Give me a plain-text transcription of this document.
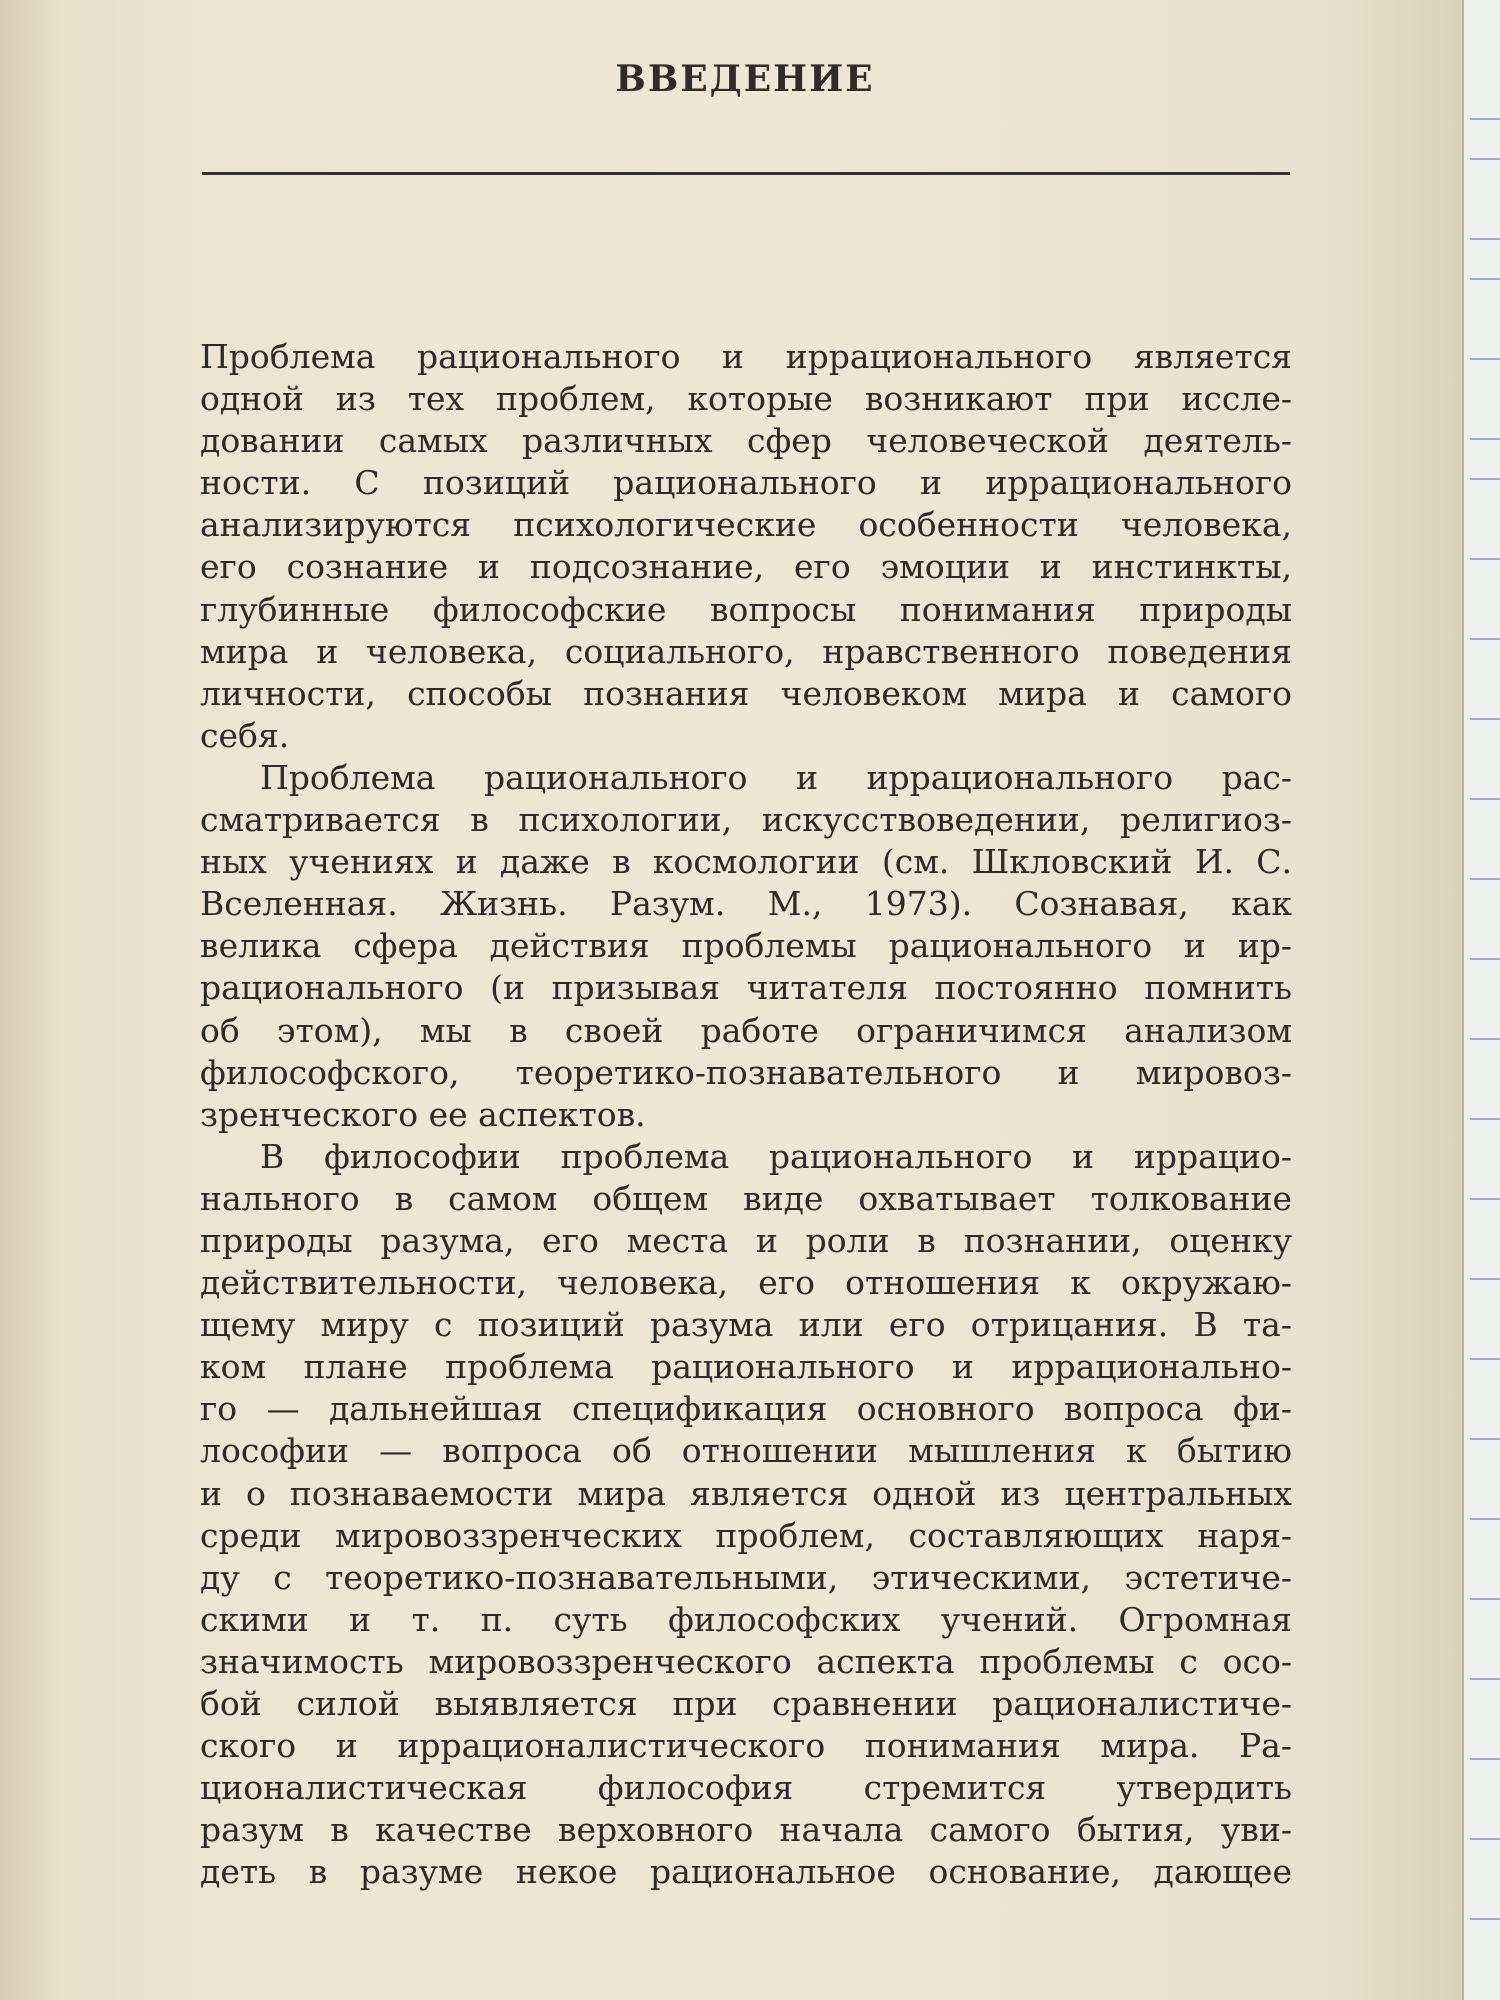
ВВЕДЕНИЕ
Проблема рационального и иррационального является
одной из тех проблем, которые возникают при иссле-
довании самых различных сфер человеческой деятель-
ности. С позиций рационального и иррационального
анализируются психологические особенности человека,
его сознание и подсознание, его эмоции и инстинкты,
глубинные философские вопросы понимания природы
мира и человека, социального, нравственного поведения
личности, способы познания человеком мира и самого
себя.
Проблема рационального и иррационального рас-
сматривается в психологии, искусствоведении, религиоз-
ных учениях и даже в космологии (см. Шкловский И. С.
Вселенная. Жизнь. Разум. М., 1973). Сознавая, как
велика сфера действия проблемы рационального и ир-
рационального (и призывая читателя постоянно помнить
об этом), мы в своей работе ограничимся анализом
философского, теоретико-познавательного и мировоз-
зренческого ее аспектов.
В философии проблема рационального и иррацио-
нального в самом общем виде охватывает толкование
природы разума, его места и роли в познании, оценку
действительности, человека, его отношения к окружаю-
щему миру с позиций разума или его отрицания. В та-
ком плане проблема рационального и иррационально-
го — дальнейшая спецификация основного вопроса фи-
лософии — вопроса об отношении мышления к бытию
и о познаваемости мира является одной из центральных
среди мировоззренческих проблем, составляющих наря-
ду с теоретико-познавательными, этическими, эстетиче-
скими и т. п. суть философских учений. Огромная
значимость мировоззренческого аспекта проблемы с осо-
бой силой выявляется при сравнении рационалистиче-
ского и иррационалистического понимания мира. Ра-
ционалистическая философия стремится утвердить
разум в качестве верховного начала самого бытия, уви-
деть в разуме некое рациональное основание, дающее
